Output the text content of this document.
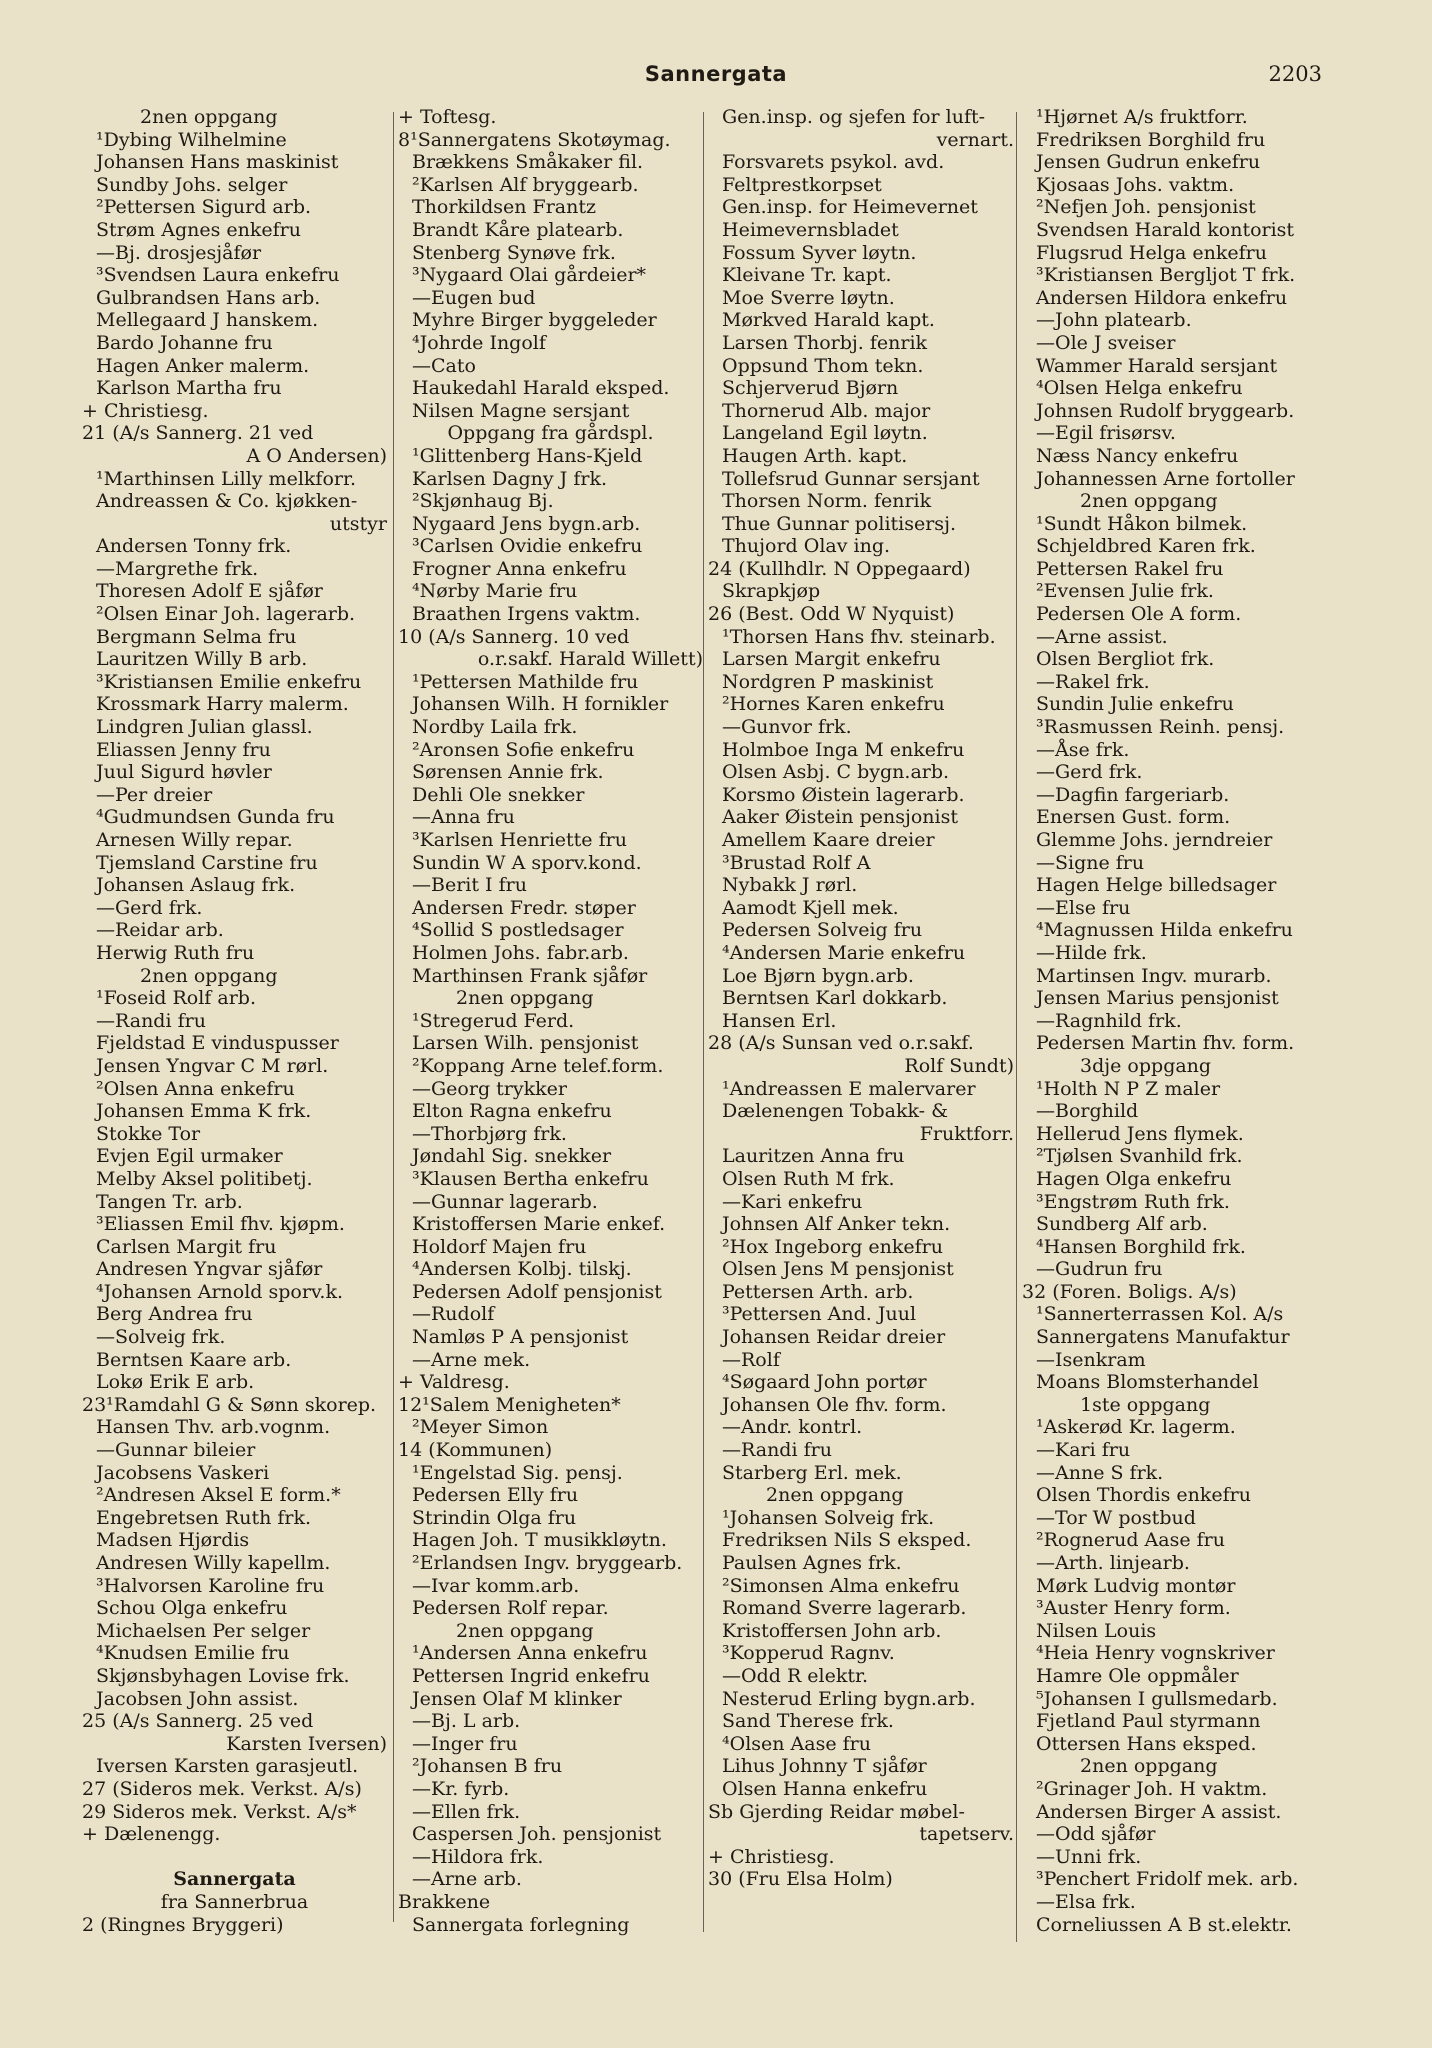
Sannergata	2203
2nen oppgang
¹Dybing Wilhelmine
Johansen Hans maskinist
Sundby Johs. selger
²Pettersen Sigurd arb.
Strøm Agnes enkefru
—Bj. drosjesjåfør
³Svendsen Laura enkefru
Gulbrandsen Hans arb.
Mellegaard J hanskem.
Bardo Johanne fru
Hagen Anker malerm.
Karlson Martha fru
+ Christiesg.
21 (A/s Sannerg. 21 ved
A O Andersen)
¹Marthinsen Lilly melkforr.
Andreassen & Co. kjøkken-
utstyr
Andersen Tonny frk.
—Margrethe frk.
Thoresen Adolf E sjåfør
²Olsen Einar Joh. lagerarb.
Bergmann Selma fru
Lauritzen Willy B arb.
³Kristiansen Emilie enkefru
Krossmark Harry malerm.
Lindgren Julian glassl.
Eliassen Jenny fru
Juul Sigurd høvler
—Per dreier
⁴Gudmundsen Gunda fru
Arnesen Willy repar.
Tjemsland Carstine fru
Johansen Aslaug frk.
—Gerd frk.
—Reidar arb.
Herwig Ruth fru
2nen oppgang
¹Foseid Rolf arb.
—Randi fru
Fjeldstad E vinduspusser
Jensen Yngvar C M rørl.
²Olsen Anna enkefru
Johansen Emma K frk.
Stokke Tor
Evjen Egil urmaker
Melby Aksel politibetj.
Tangen Tr. arb.
³Eliassen Emil fhv. kjøpm.
Carlsen Margit fru
Andresen Yngvar sjåfør
⁴Johansen Arnold sporv.k.
Berg Andrea fru
—Solveig frk.
Berntsen Kaare arb.
Lokø Erik E arb.
23¹Ramdahl G & Sønn skorep.
Hansen Thv. arb.vognm.
—Gunnar bileier
Jacobsens Vaskeri
²Andresen Aksel E form.*
Engebretsen Ruth frk.
Madsen Hjørdis
Andresen Willy kapellm.
³Halvorsen Karoline fru
Schou Olga enkefru
Michaelsen Per selger
⁴Knudsen Emilie fru
Skjønsbyhagen Lovise frk.
Jacobsen John assist.
25 (A/s Sannerg. 25 ved
Karsten Iversen)
Iversen Karsten garasjeutl.
27 (Sideros mek. Verkst. A/s)
29 Sideros mek. Verkst. A/s*
+ Dælenengg.
Sannergata
fra Sannerbrua
2 (Ringnes Bryggeri)
+ Toftesg.
8¹Sannergatens Skotøymag.
Brækkens Småkaker fil.
²Karlsen Alf bryggearb.
Thorkildsen Frantz
Brandt Kåre platearb.
Stenberg Synøve frk.
³Nygaard Olai gårdeier*
—Eugen bud
Myhre Birger byggeleder
⁴Johrde Ingolf
—Cato
Haukedahl Harald eksped.
Nilsen Magne sersjant
Oppgang fra gårdspl.
¹Glittenberg Hans-Kjeld
Karlsen Dagny J frk.
²Skjønhaug Bj.
Nygaard Jens bygn.arb.
³Carlsen Ovidie enkefru
Frogner Anna enkefru
⁴Nørby Marie fru
Braathen Irgens vaktm.
10 (A/s Sannerg. 10 ved
o.r.sakf. Harald Willett)
¹Pettersen Mathilde fru
Johansen Wilh. H fornikler
Nordby Laila frk.
²Aronsen Sofie enkefru
Sørensen Annie frk.
Dehli Ole snekker
—Anna fru
³Karlsen Henriette fru
Sundin W A sporv.kond.
—Berit I fru
Andersen Fredr. støper
⁴Sollid S postledsager
Holmen Johs. fabr.arb.
Marthinsen Frank sjåfør
2nen oppgang
¹Stregerud Ferd.
Larsen Wilh. pensjonist
²Koppang Arne telef.form.
—Georg trykker
Elton Ragna enkefru
—Thorbjørg frk.
Jøndahl Sig. snekker
³Klausen Bertha enkefru
—Gunnar lagerarb.
Kristoffersen Marie enkef.
Holdorf Majen fru
⁴Andersen Kolbj. tilskj.
Pedersen Adolf pensjonist
—Rudolf
Namløs P A pensjonist
—Arne mek.
+ Valdresg.
12¹Salem Menigheten*
²Meyer Simon
14 (Kommunen)
¹Engelstad Sig. pensj.
Pedersen Elly fru
Strindin Olga fru
Hagen Joh. T musikkløytn.
²Erlandsen Ingv. bryggearb.
—Ivar komm.arb.
Pedersen Rolf repar.
2nen oppgang
¹Andersen Anna enkefru
Pettersen Ingrid enkefru
Jensen Olaf M klinker
—Bj. L arb.
—Inger fru
²Johansen B fru
—Kr. fyrb.
—Ellen frk.
Caspersen Joh. pensjonist
—Hildora frk.
—Arne arb.
Brakkene
Sannergata forlegning
Gen.insp. og sjefen for luft-
vernart.
Forsvarets psykol. avd.
Feltprestkorpset
Gen.insp. for Heimevernet
Heimevernsbladet
Fossum Syver løytn.
Kleivane Tr. kapt.
Moe Sverre løytn.
Mørkved Harald kapt.
Larsen Thorbj. fenrik
Oppsund Thom tekn.
Schjerverud Bjørn
Thornerud Alb. major
Langeland Egil løytn.
Haugen Arth. kapt.
Tollefsrud Gunnar sersjant
Thorsen Norm. fenrik
Thue Gunnar politisersj.
Thujord Olav ing.
24 (Kullhdlr. N Oppegaard)
Skrapkjøp
26 (Best. Odd W Nyquist)
¹Thorsen Hans fhv. steinarb.
Larsen Margit enkefru
Nordgren P maskinist
²Hornes Karen enkefru
—Gunvor frk.
Holmboe Inga M enkefru
Olsen Asbj. C bygn.arb.
Korsmo Øistein lagerarb.
Aaker Øistein pensjonist
Amellem Kaare dreier
³Brustad Rolf A
Nybakk J rørl.
Aamodt Kjell mek.
Pedersen Solveig fru
⁴Andersen Marie enkefru
Loe Bjørn bygn.arb.
Berntsen Karl dokkarb.
Hansen Erl.
28 (A/s Sunsan ved o.r.sakf.
Rolf Sundt)
¹Andreassen E malervarer
Dælenengen Tobakk- &
Fruktforr.
Lauritzen Anna fru
Olsen Ruth M frk.
—Kari enkefru
Johnsen Alf Anker tekn.
²Hox Ingeborg enkefru
Olsen Jens M pensjonist
Pettersen Arth. arb.
³Pettersen And. Juul
Johansen Reidar dreier
—Rolf
⁴Søgaard John portør
Johansen Ole fhv. form.
—Andr. kontrl.
—Randi fru
Starberg Erl. mek.
2nen oppgang
¹Johansen Solveig frk.
Fredriksen Nils S eksped.
Paulsen Agnes frk.
²Simonsen Alma enkefru
Romand Sverre lagerarb.
Kristoffersen John arb.
³Kopperud Ragnv.
—Odd R elektr.
Nesterud Erling bygn.arb.
Sand Therese frk.
⁴Olsen Aase fru
Lihus Johnny T sjåfør
Olsen Hanna enkefru
Sb Gjerding Reidar møbel-
tapetserv.
+ Christiesg.
30 (Fru Elsa Holm)
¹Hjørnet A/s fruktforr.
Fredriksen Borghild fru
Jensen Gudrun enkefru
Kjosaas Johs. vaktm.
²Nefjen Joh. pensjonist
Svendsen Harald kontorist
Flugsrud Helga enkefru
³Kristiansen Bergljot T frk.
Andersen Hildora enkefru
—John platearb.
—Ole J sveiser
Wammer Harald sersjant
⁴Olsen Helga enkefru
Johnsen Rudolf bryggearb.
—Egil frisørsv.
Næss Nancy enkefru
Johannessen Arne fortoller
2nen oppgang
¹Sundt Håkon bilmek.
Schjeldbred Karen frk.
Pettersen Rakel fru
²Evensen Julie frk.
Pedersen Ole A form.
—Arne assist.
Olsen Bergliot frk.
—Rakel frk.
Sundin Julie enkefru
³Rasmussen Reinh. pensj.
—Åse frk.
—Gerd frk.
—Dagfin fargeriarb.
Enersen Gust. form.
Glemme Johs. jerndreier
—Signe fru
Hagen Helge billedsager
—Else fru
⁴Magnussen Hilda enkefru
—Hilde frk.
Martinsen Ingv. murarb.
Jensen Marius pensjonist
—Ragnhild frk.
Pedersen Martin fhv. form.
3dje oppgang
¹Holth N P Z maler
—Borghild
Hellerud Jens flymek.
²Tjølsen Svanhild frk.
Hagen Olga enkefru
³Engstrøm Ruth frk.
Sundberg Alf arb.
⁴Hansen Borghild frk.
—Gudrun fru
32 (Foren. Boligs. A/s)
¹Sannerterrassen Kol. A/s
Sannergatens Manufaktur
—Isenkram
Moans Blomsterhandel
1ste oppgang
¹Askerød Kr. lagerm.
—Kari fru
—Anne S frk.
Olsen Thordis enkefru
—Tor W postbud
²Rognerud Aase fru
—Arth. linjearb.
Mørk Ludvig montør
³Auster Henry form.
Nilsen Louis
⁴Heia Henry vognskriver
Hamre Ole oppmåler
⁵Johansen I gullsmedarb.
Fjetland Paul styrmann
Ottersen Hans eksped.
2nen oppgang
²Grinager Joh. H vaktm.
Andersen Birger A assist.
—Odd sjåfør
—Unni frk.
³Penchert Fridolf mek. arb.
—Elsa frk.
Corneliussen A B st.elektr.
